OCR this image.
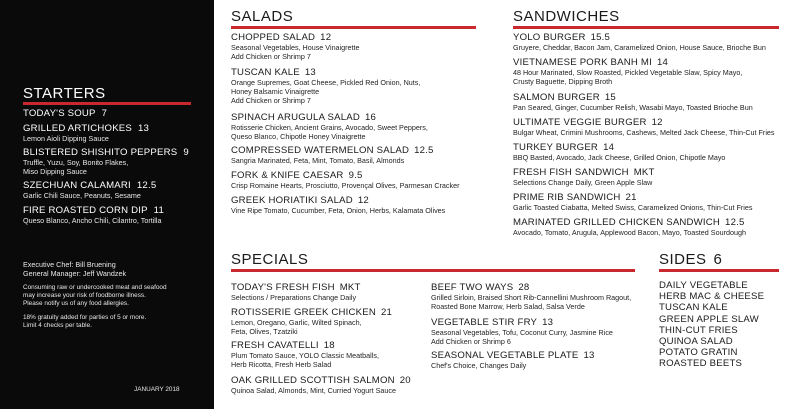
STARTERS
TODAY'S SOUP 7
GRILLED ARTICHOKES 13
Lemon Aioli Dipping Sauce
BLISTERED SHISHITO PEPPERS 9
Truffle, Yuzu, Soy, Bonito Flakes,
Miso Dipping Sauce
SZECHUAN CALAMARI 12.5
Garlic Chili Sauce, Peanuts, Sesame
FIRE ROASTED CORN DIP 11
Queso Blanco, Ancho Chili, Cilantro, Tortilla
Executive Chef: Bill Bruening
General Manager: Jeff Wandzek
Consuming raw or undercooked meat and seafood
may increase your risk of foodborne illness.
Please notify us of any food allergies.
18% gratuity added for parties of 5 or more.
Limit 4 checks per table.
JANUARY 2018
SALADS
CHOPPED SALAD 12
Seasonal Vegetables, House Vinaigrette
Add Chicken or Shrimp 7
TUSCAN KALE 13
Orange Supremes, Goat Cheese, Pickled Red Onion, Nuts,
Honey Balsamic Vinaigrette
Add Chicken or Shrimp 7
SPINACH ARUGULA SALAD 16
Rotisserie Chicken, Ancient Grains, Avocado, Sweet Peppers,
Queso Blanco, Chipotle Honey Vinaigrette
COMPRESSED WATERMELON SALAD 12.5
Sangria Marinated, Feta, Mint, Tomato, Basil, Almonds
FORK & KNIFE CAESAR 9.5
Crisp Romaine Hearts, Prosciutto, Provençal Olives, Parmesan Cracker
GREEK HORIATIKI SALAD 12
Vine Ripe Tomato, Cucumber, Feta, Onion, Herbs, Kalamata Olives
SANDWICHES
YOLO BURGER 15.5
Gruyere, Cheddar, Bacon Jam, Caramelized Onion, House Sauce, Brioche Bun
VIETNAMESE PORK BANH MI 14
48 Hour Marinated, Slow Roasted, Pickled Vegetable Slaw, Spicy Mayo,
Crusty Baguette, Dipping Broth
SALMON BURGER 15
Pan Seared, Ginger, Cucumber Relish, Wasabi Mayo, Toasted Brioche Bun
ULTIMATE VEGGIE BURGER 12
Bulgar Wheat, Crimini Mushrooms, Cashews, Melted Jack Cheese, Thin-Cut Fries
TURKEY BURGER 14
BBQ Basted, Avocado, Jack Cheese, Grilled Onion, Chipotle Mayo
FRESH FISH SANDWICH MKT
Selections Change Daily, Green Apple Slaw
PRIME RIB SANDWICH 21
Garlic Toasted Ciabatta, Melted Swiss, Caramelized Onions, Thin-Cut Fries
MARINATED GRILLED CHICKEN SANDWICH 12.5
Avocado, Tomato, Arugula, Applewood Bacon, Mayo, Toasted Sourdough
SPECIALS
TODAY'S FRESH FISH MKT
Selections / Preparations Change Daily
ROTISSERIE GREEK CHICKEN 21
Lemon, Oregano, Garlic, Wilted Spinach,
Feta, Olives, Tzatziki
FRESH CAVATELLI 18
Plum Tomato Sauce, YOLO Classic Meatballs,
Herb Ricotta, Fresh Herb Salad
OAK GRILLED SCOTTISH SALMON 20
Quinoa Salad, Almonds, Mint, Curried Yogurt Sauce
BEEF TWO WAYS 28
Grilled Sirloin, Braised Short Rib-Cannellini Mushroom Ragout,
Roasted Bone Marrow, Herb Salad, Salsa Verde
VEGETABLE STIR FRY 13
Seasonal Vegetables, Tofu, Coconut Curry, Jasmine Rice
Add Chicken or Shrimp 6
SEASONAL VEGETABLE PLATE 13
Chef's Choice, Changes Daily
SIDES 6
DAILY VEGETABLE
HERB MAC & CHEESE
TUSCAN KALE
GREEN APPLE SLAW
THIN-CUT FRIES
QUINOA SALAD
POTATO GRATIN
ROASTED BEETS
